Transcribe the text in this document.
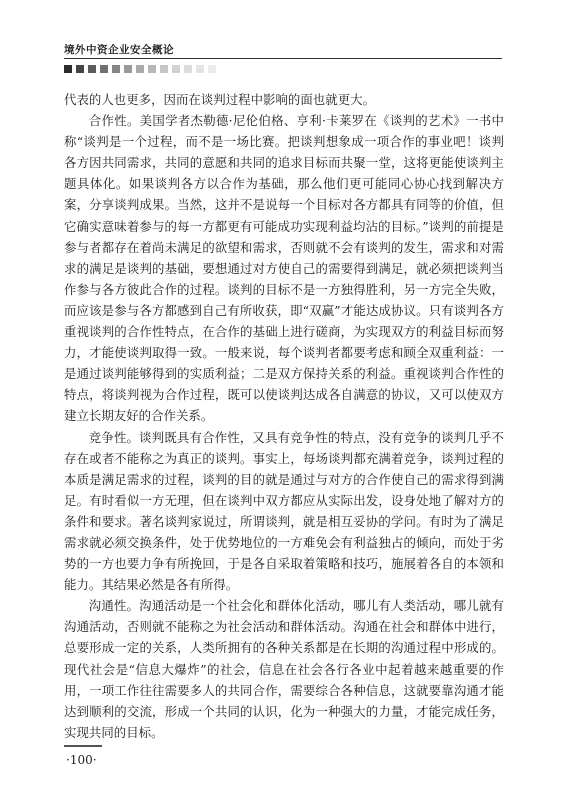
境外中资企业安全概论

代表的人也更多，因而在谈判过程中影响的面也就更大。

合作性。美国学者杰勒德·尼伦伯格、亨利·卡莱罗在《谈判的艺术》一书中称“谈判是一个过程，而不是一场比赛。把谈判想象成一项合作的事业吧！谈判各方因共同需求，共同的意愿和共同的追求目标而共聚一堂，这将更能使谈判主题具体化。如果谈判各方以合作为基础，那么他们更可能同心协心找到解决方案，分享谈判成果。当然，这并不是说每一个目标对各方都具有同等的价值，但它确实意味着参与的每一方都更有可能成功实现利益均沾的目标。”谈判的前提是参与者都存在着尚未满足的欲望和需求，否则就不会有谈判的发生，需求和对需求的满足是谈判的基础，要想通过对方使自己的需要得到满足，就必须把谈判当作参与各方彼此合作的过程。谈判的目标不是一方独得胜利，另一方完全失败，而应该是参与各方都感到自己有所收获，即“双赢”才能达成协议。只有谈判各方重视谈判的合作性特点，在合作的基础上进行磋商，为实现双方的利益目标而努力，才能使谈判取得一致。一般来说，每个谈判者都要考虑和顾全双重利益：一是通过谈判能够得到的实质利益；二是双方保持关系的利益。重视谈判合作性的特点，将谈判视为合作过程，既可以使谈判达成各自满意的协议，又可以使双方建立长期友好的合作关系。

竞争性。谈判既具有合作性，又具有竞争性的特点，没有竞争的谈判几乎不存在或者不能称之为真正的谈判。事实上，每场谈判都充满着竞争，谈判过程的本质是满足需求的过程，谈判的目的就是通过与对方的合作使自己的需求得到满足。有时看似一方无理，但在谈判中双方都应从实际出发，设身处地了解对方的条件和要求。著名谈判家说过，所谓谈判，就是相互妥协的学问。有时为了满足需求就必须交换条件，处于优势地位的一方难免会有利益独占的倾向，而处于劣势的一方也要力争有所挽回，于是各自采取着策略和技巧，施展着各自的本领和能力。其结果必然是各有所得。

沟通性。沟通活动是一个社会化和群体化活动，哪儿有人类活动，哪儿就有沟通活动，否则就不能称之为社会活动和群体活动。沟通在社会和群体中进行，总要形成一定的关系，人类所拥有的各种关系都是在长期的沟通过程中形成的。现代社会是“信息大爆炸”的社会，信息在社会各行各业中起着越来越重要的作用，一项工作往往需要多人的共同合作，需要综合各种信息，这就要靠沟通才能达到顺利的交流，形成一个共同的认识，化为一种强大的力量，才能完成任务，实现共同的目标。

·100·
